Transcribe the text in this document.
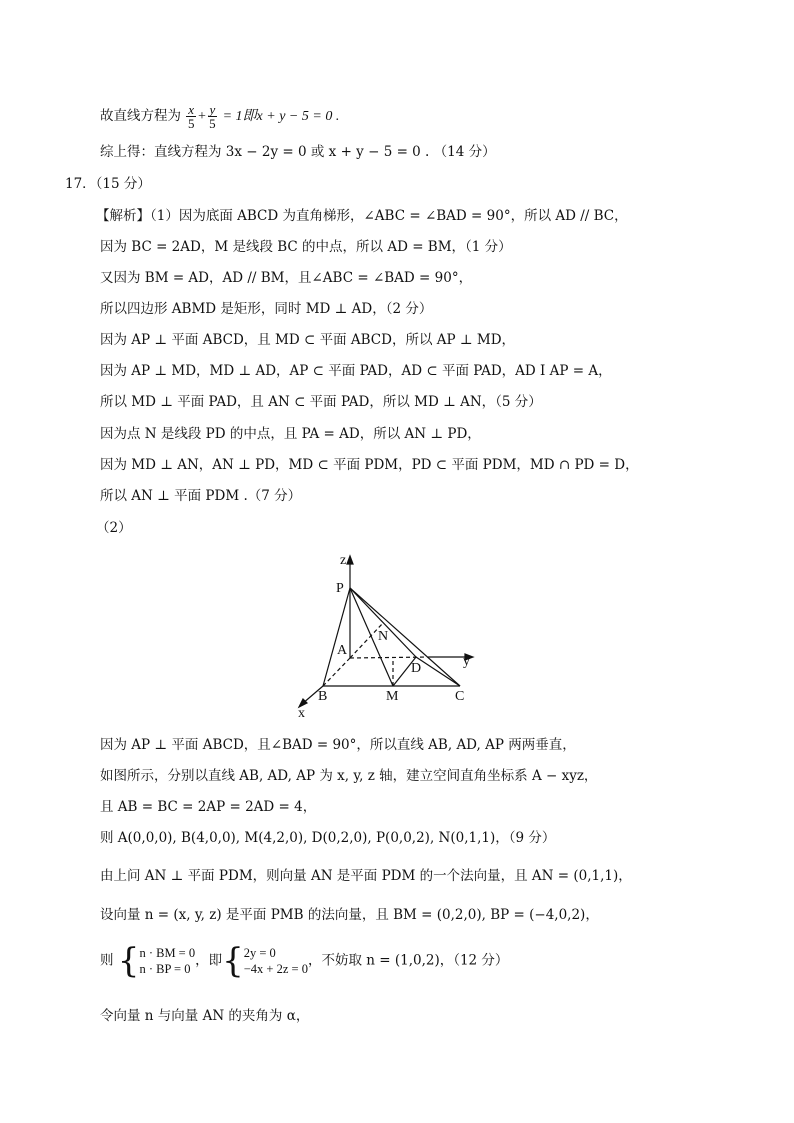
故直线方程为 $\frac{x}{5} + \frac{y}{5} = 1$即x + y − 5 = 0 .
综上得：直线方程为 3x − 2y = 0 或 x + y − 5 = 0 . （14 分）
17．（15 分）
【解析】（1）因为底面 ABCD 为直角梯形，∠ABC = ∠BAD = 90°，所以 AD // BC，
因为 BC = 2AD，M 是线段 BC 的中点，所以 AD = BM，（1 分）
又因为 BM = AD，AD // BM，且∠ABC = ∠BAD = 90°，
所以四边形 ABMD 是矩形，同时 MD ⊥ AD，（2 分）
因为 AP ⊥ 平面 ABCD，且 MD ⊂ 平面 ABCD，所以 AP ⊥ MD，
因为 AP ⊥ MD，MD ⊥ AD，AP ⊂ 平面 PAD，AD ⊂ 平面 PAD，AD I AP = A，
所以 MD ⊥ 平面 PAD，且 AN ⊂ 平面 PAD，所以 MD ⊥ AN，（5 分）
因为点 N 是线段 PD 的中点，且 PA = AD，所以 AN ⊥ PD，
因为 MD ⊥ AN，AN ⊥ PD，MD ⊂ 平面 PDM，PD ⊂ 平面 PDM，MD ∩ PD = D，
所以 AN ⊥ 平面 PDM .（7 分）
（2）
z
P
N
A
D	y
B	M	C
x
因为 AP ⊥ 平面 ABCD，且∠BAD = 90°，所以直线 AB, AD, AP 两两垂直，
如图所示，分别以直线 AB, AD, AP 为 x, y, z 轴，建立空间直角坐标系 A − xyz，
且 AB = BC = 2AP = 2AD = 4，
则 A(0,0,0), B(4,0,0), M(4,2,0), D(0,2,0), P(0,0,2), N(0,1,1)，（9 分）
由上问 AN ⊥ 平面 PDM，则向量 AN 是平面 PDM 的一个法向量，且 AN = (0,1,1)，
设向量 n = (x, y, z) 是平面 PMB 的法向量，且 BM = (0,2,0), BP = (−4,0,2)，
则 { n · BM = 0
n · BP = 0
，即{ 2y = 0
−4x + 2z = 0
，不妨取 n = (1,0,2)，（12 分）
令向量 n 与向量 AN 的夹角为 α，
